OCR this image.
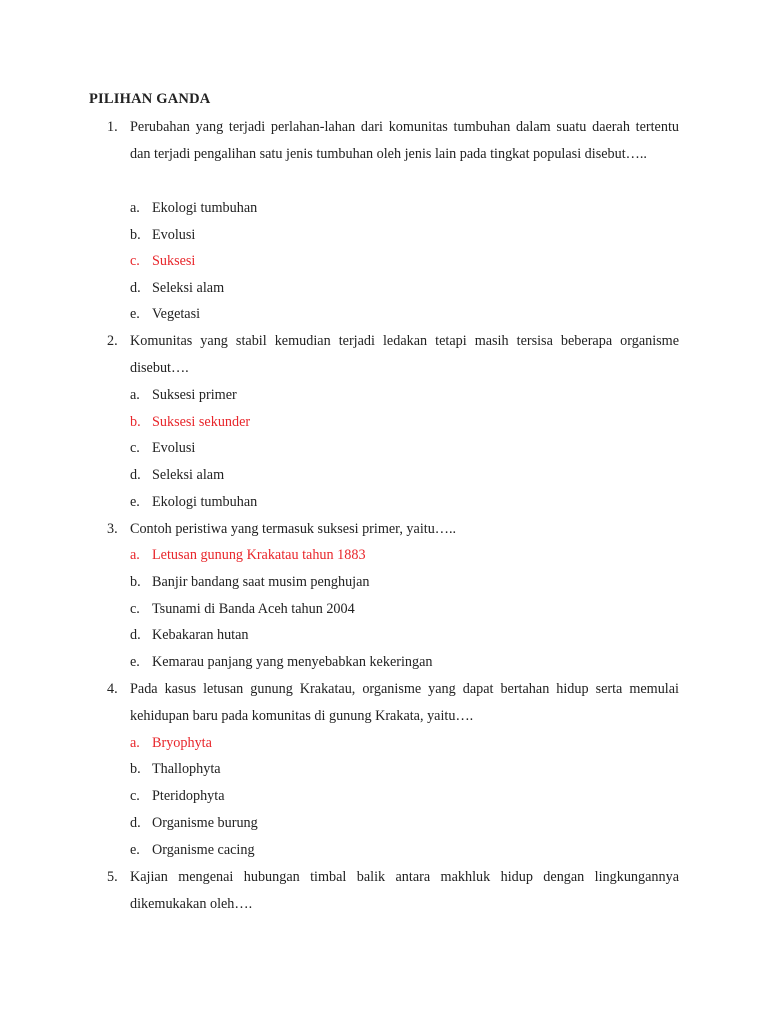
PILIHAN GANDA
1. Perubahan yang terjadi perlahan-lahan dari komunitas tumbuhan dalam suatu daerah tertentu dan terjadi pengalihan satu jenis tumbuhan oleh jenis lain pada tingkat populasi disebut…..
a. Ekologi tumbuhan
b. Evolusi
c. Suksesi
d. Seleksi alam
e. Vegetasi
2. Komunitas yang stabil kemudian terjadi ledakan tetapi masih tersisa beberapa organisme disebut….
a. Suksesi primer
b. Suksesi sekunder
c. Evolusi
d. Seleksi alam
e. Ekologi tumbuhan
3. Contoh peristiwa yang termasuk suksesi primer, yaitu…..
a. Letusan gunung Krakatau tahun 1883
b. Banjir bandang saat musim penghujan
c. Tsunami di Banda Aceh tahun 2004
d. Kebakaran hutan
e. Kemarau panjang yang menyebabkan kekeringan
4. Pada kasus letusan gunung Krakatau, organisme yang dapat bertahan hidup serta memulai kehidupan baru pada komunitas di gunung Krakata, yaitu….
a. Bryophyta
b. Thallophyta
c. Pteridophyta
d. Organisme burung
e. Organisme cacing
5. Kajian mengenai hubungan timbal balik antara makhluk hidup dengan lingkungannya dikemukakan oleh….
